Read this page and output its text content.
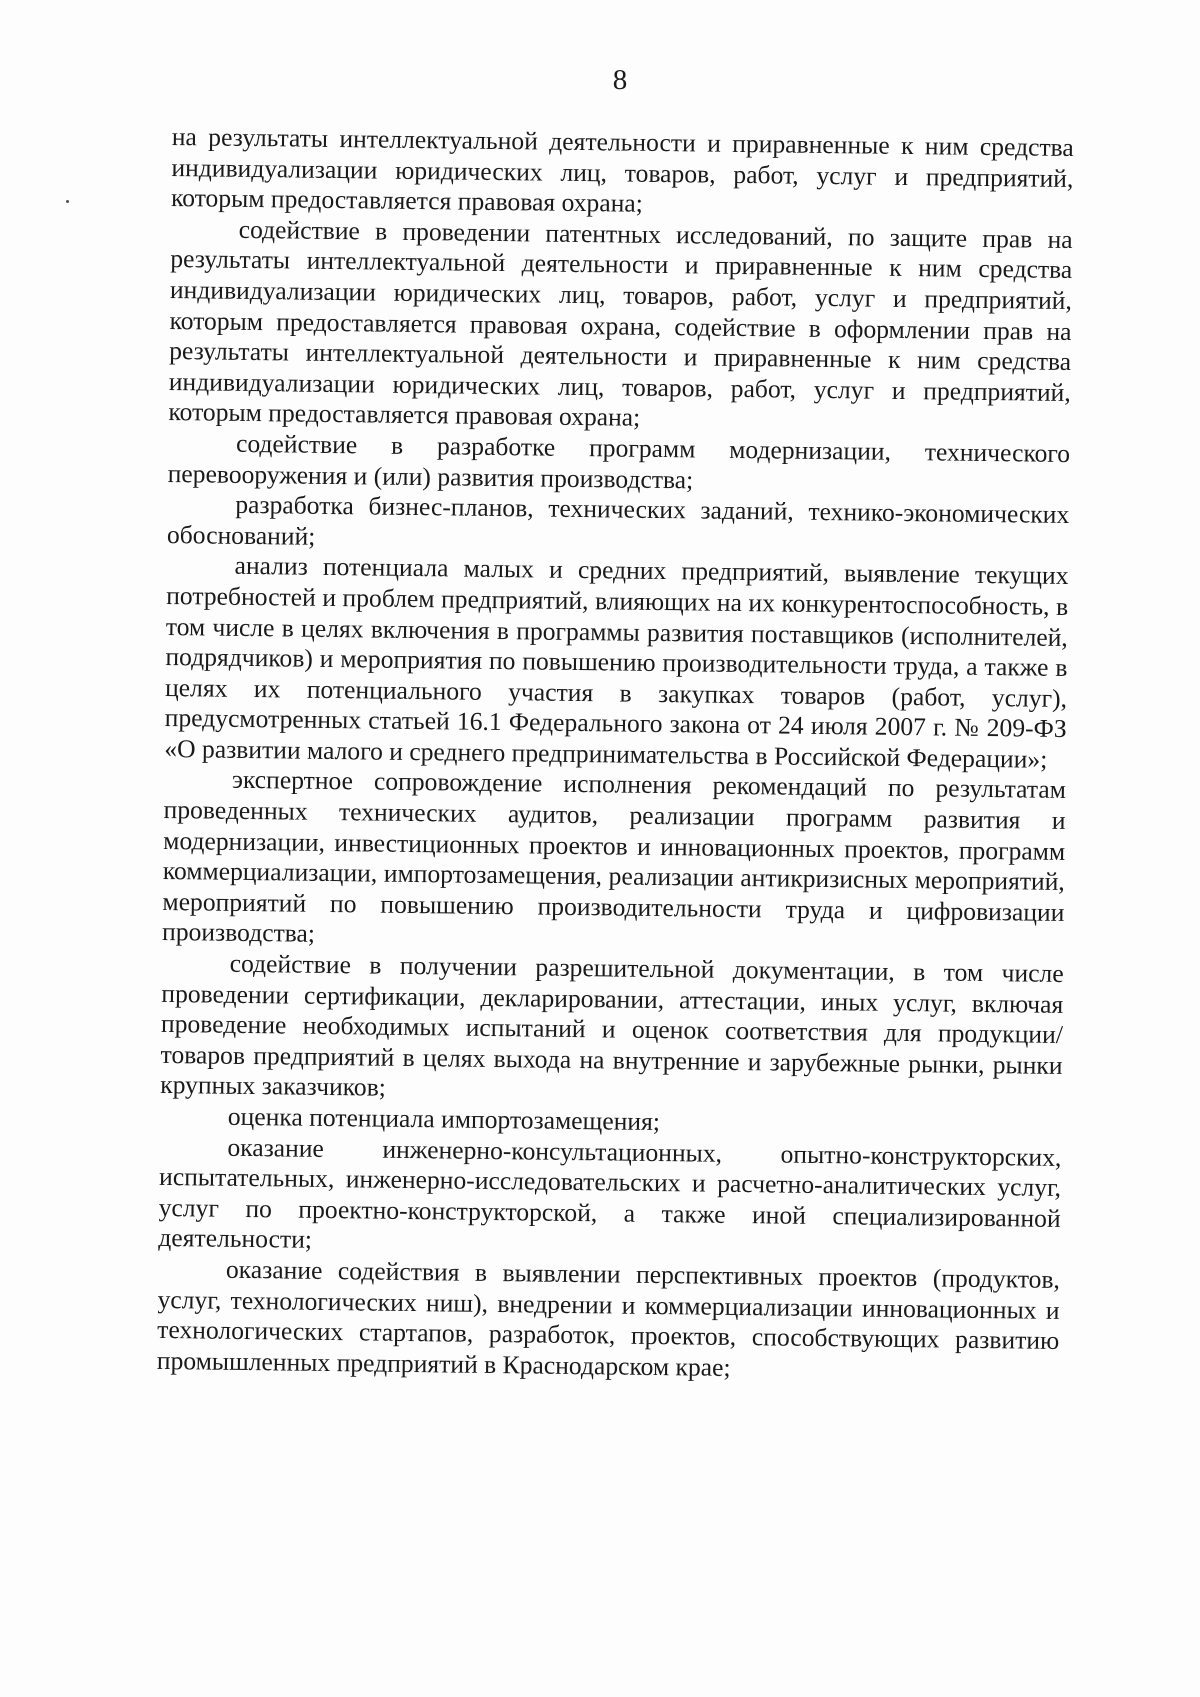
8

на результаты интеллектуальной деятельности и приравненные к ним средства индивидуализации юридических лиц, товаров, работ, услуг и предприятий, которым предоставляется правовая охрана;

содействие в проведении патентных исследований, по защите прав на результаты интеллектуальной деятельности и приравненные к ним средства индивидуализации юридических лиц, товаров, работ, услуг и предприятий, которым предоставляется правовая охрана, содействие в оформлении прав на результаты интеллектуальной деятельности и приравненные к ним средства индивидуализации юридических лиц, товаров, работ, услуг и предприятий, которым предоставляется правовая охрана;

содействие в разработке программ модернизации, технического перевооружения и (или) развития производства;

разработка бизнес-планов, технических заданий, технико-экономических обоснований;

анализ потенциала малых и средних предприятий, выявление текущих потребностей и проблем предприятий, влияющих на их конкурентоспособность, в том числе в целях включения в программы развития поставщиков (исполнителей, подрядчиков) и мероприятия по повышению производительности труда, а также в целях их потенциального участия в закупках товаров (работ, услуг), предусмотренных статьей 16.1 Федерального закона от 24 июля 2007 г. № 209-ФЗ «О развитии малого и среднего предпринимательства в Российской Федерации»;

экспертное сопровождение исполнения рекомендаций по результатам проведенных технических аудитов, реализации программ развития и модернизации, инвестиционных проектов и инновационных проектов, программ коммерциализации, импортозамещения, реализации антикризисных мероприятий, мероприятий по повышению производительности труда и цифровизации производства;

содействие в получении разрешительной документации, в том числе проведении сертификации, декларировании, аттестации, иных услуг, включая проведение необходимых испытаний и оценок соответствия для продукции/товаров предприятий в целях выхода на внутренние и зарубежные рынки, рынки крупных заказчиков;

оценка потенциала импортозамещения;

оказание инженерно-консультационных, опытно-конструкторских, испытательных, инженерно-исследовательских и расчетно-аналитических услуг, услуг по проектно-конструкторской, а также иной специализированной деятельности;

оказание содействия в выявлении перспективных проектов (продуктов, услуг, технологических ниш), внедрении и коммерциализации инновационных и технологических стартапов, разработок, проектов, способствующих развитию промышленных предприятий в Краснодарском крае;
